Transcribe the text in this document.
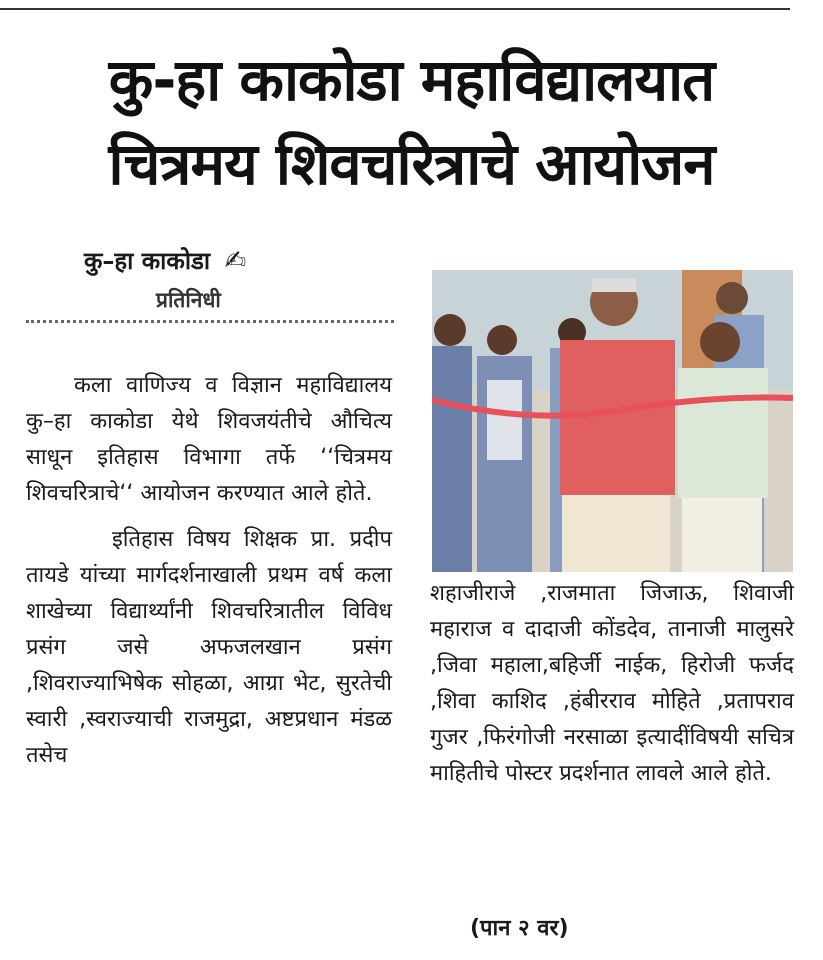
कु-हा काकोडा महाविद्यालयात
चित्रमय शिवचरित्राचे आयोजन
कु–हा काकोडा ✍
प्रतिनिधी

कला वाणिज्य व विज्ञान महाविद्यालय कु–हा काकोडा येथे शिवजयंतीचे औचित्य साधून इतिहास विभागा तर्फे ‘‘चित्रमय शिवचरित्राचे‘‘ आयोजन करण्यात आले होते.

इतिहास विषय शिक्षक प्रा. प्रदीप तायडे यांच्या मार्गदर्शनाखाली प्रथम वर्ष कला शाखेच्या विद्यार्थ्यांनी शिवचरित्रातील विविध प्रसंग जसे अफजलखान प्रसंग ,शिवराज्याभिषेक सोहळा, आग्रा भेट, सुरतेची स्वारी ,स्वराज्याची राजमुद्रा, अष्टप्रधान मंडळ तसेच

शहाजीराजे ,राजमाता जिजाऊ, शिवाजी महाराज व दादाजी कोंडदेव, तानाजी मालुसरे ,जिवा महाला,बहिर्जी नाईक, हिरोजी फर्जद ,शिवा काशिद ,हंबीरराव मोहिते ,प्रतापराव गुजर ,फिरंगोजी नरसाळा इत्यादींविषयी सचित्र माहितीचे पोस्टर प्रदर्शनात लावले आले होते.

(पान २ वर)
